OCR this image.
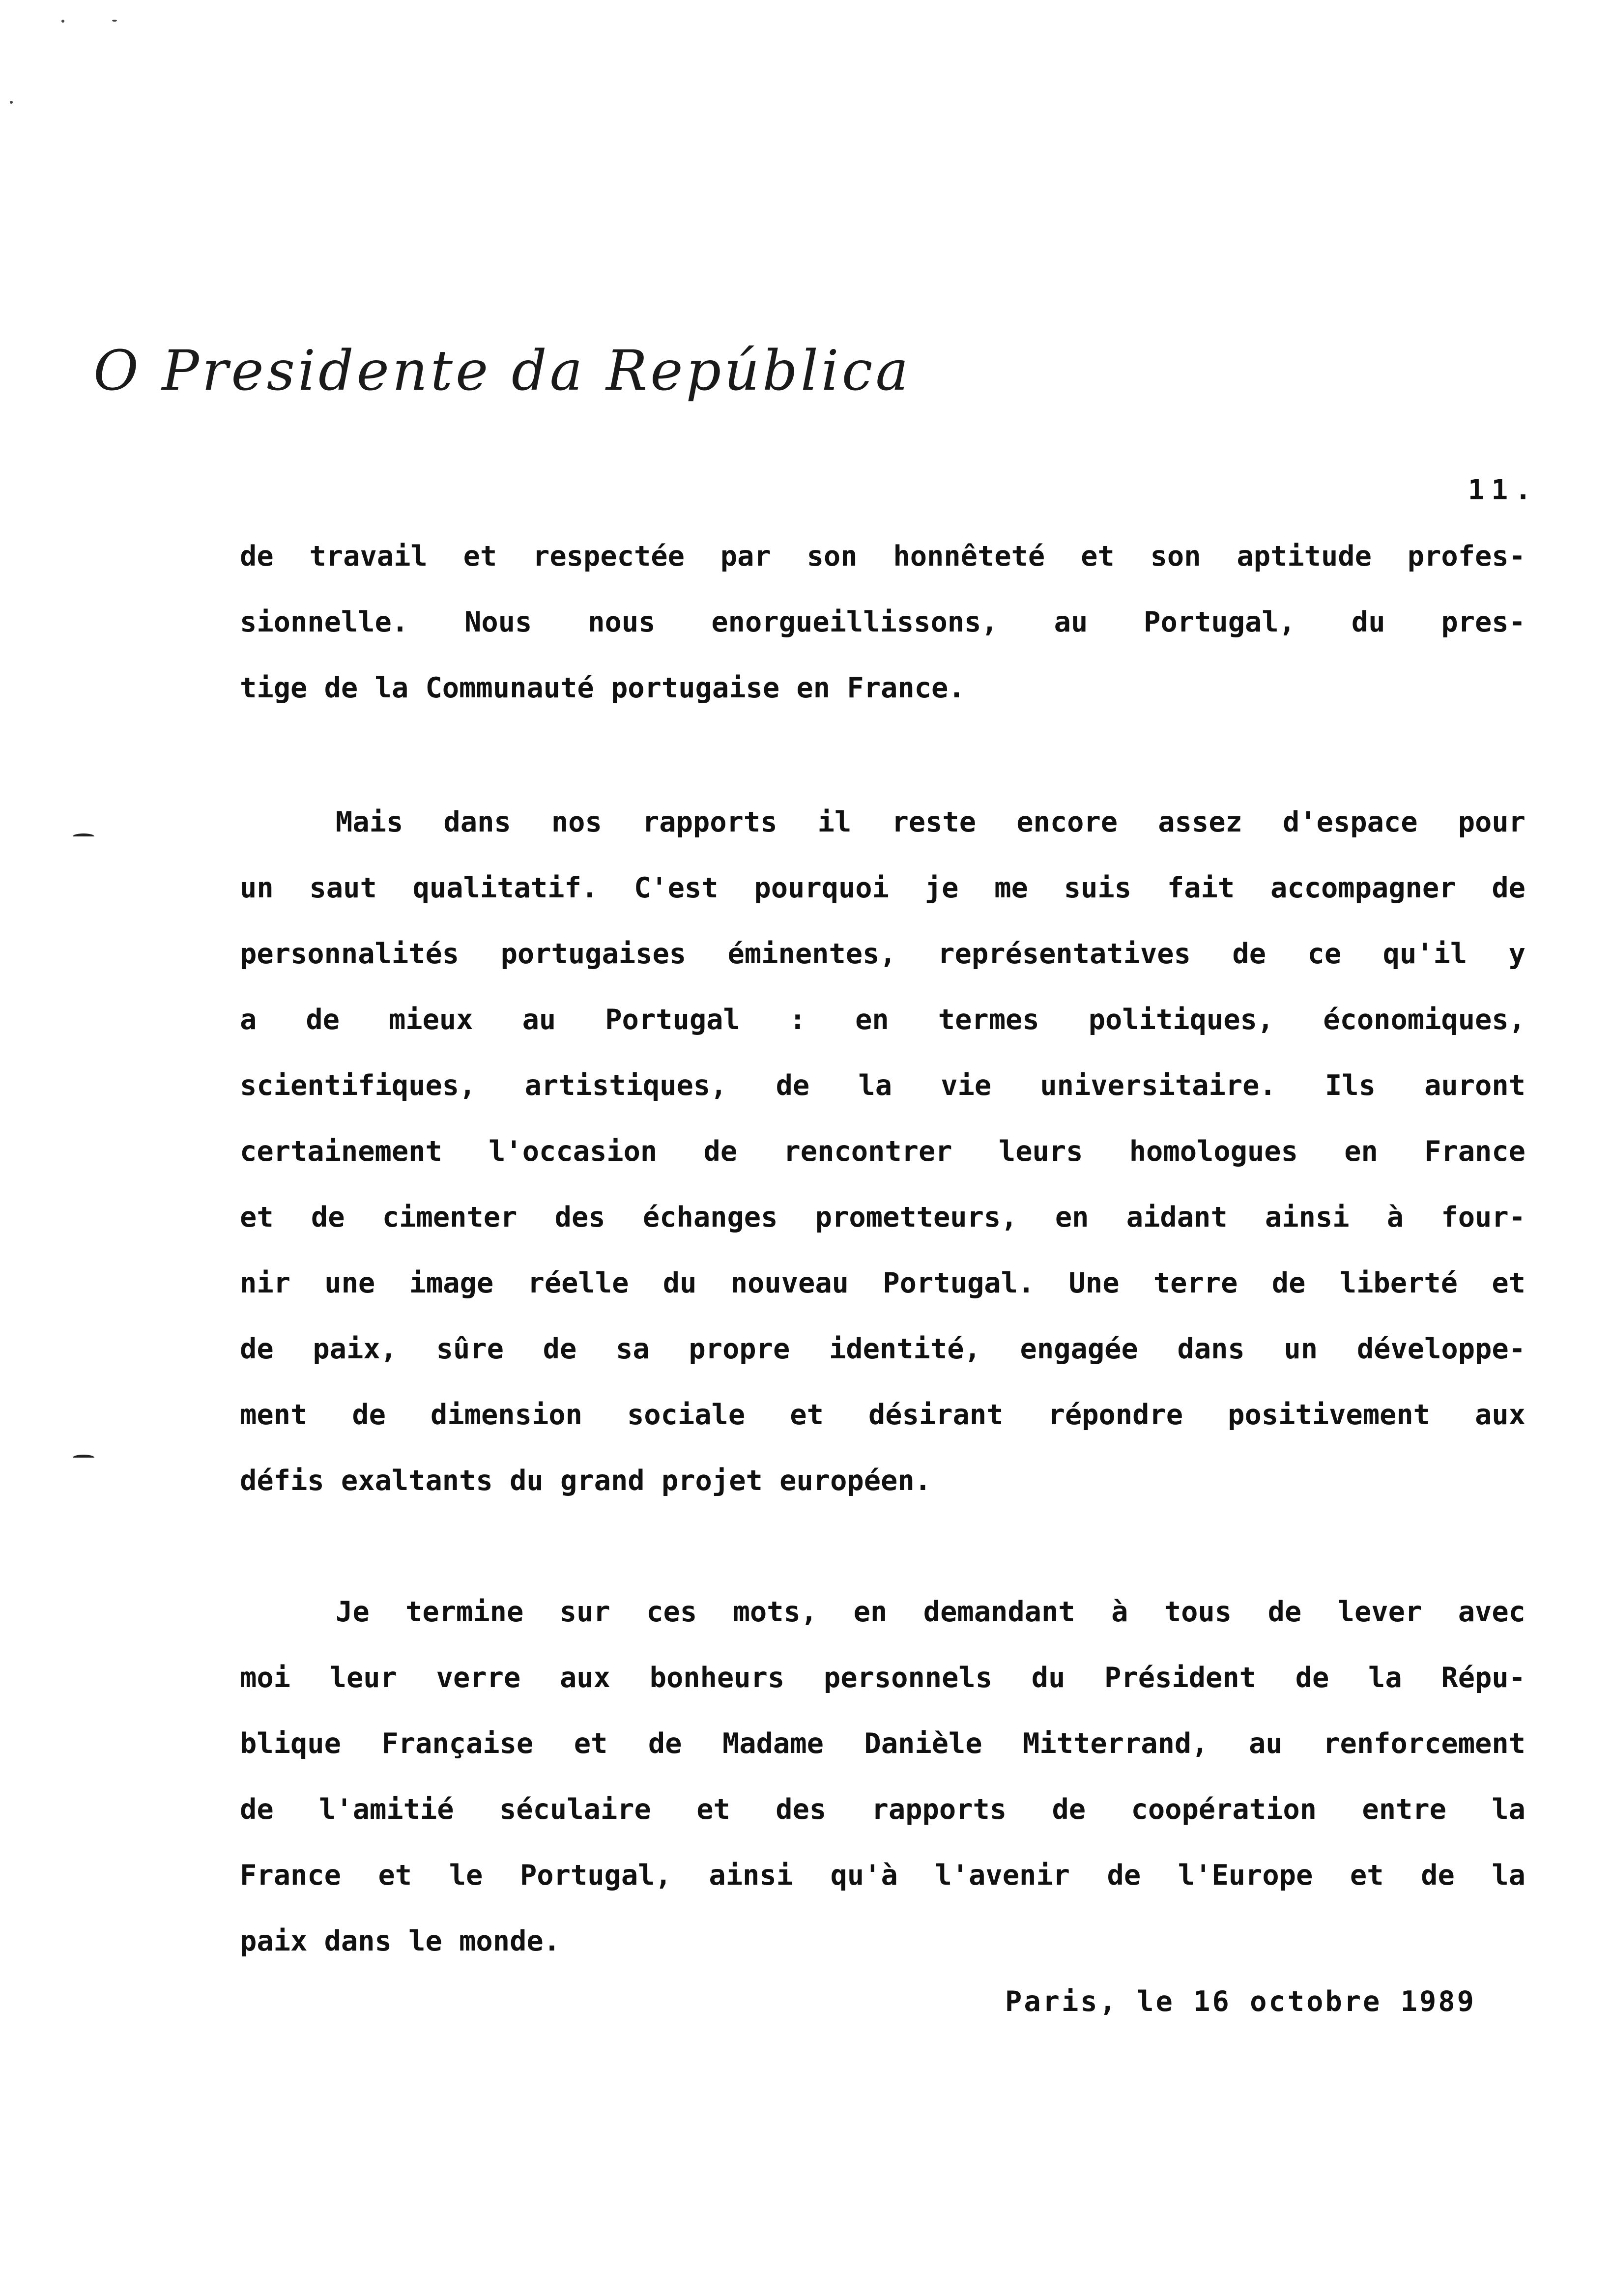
O Presidente da República
11.
de travail et respectée par son honnêteté et son aptitude profes-
sionnelle. Nous nous enorgueillissons, au Portugal, du pres-
tige de la Communauté portugaise en France.
Mais dans nos rapports il reste encore assez d'espace pour
un saut qualitatif. C'est pourquoi je me suis fait accompagner de
personnalités portugaises éminentes, représentatives de ce qu'il y
a de mieux au Portugal : en termes politiques, économiques,
scientifiques, artistiques, de la vie universitaire. Ils auront
certainement l'occasion de rencontrer leurs homologues en France
et de cimenter des échanges prometteurs, en aidant ainsi à four-
nir une image réelle du nouveau Portugal. Une terre de liberté et
de paix, sûre de sa propre identité, engagée dans un développe-
ment de dimension sociale et désirant répondre positivement aux
défis exaltants du grand projet européen.
Je termine sur ces mots, en demandant à tous de lever avec
moi leur verre aux bonheurs personnels du Président de la Répu-
blique Française et de Madame Danièle Mitterrand, au renforcement
de l'amitié séculaire et des rapports de coopération entre la
France et le Portugal, ainsi qu'à l'avenir de l'Europe et de la
paix dans le monde.
Paris, le 16 octobre 1989
